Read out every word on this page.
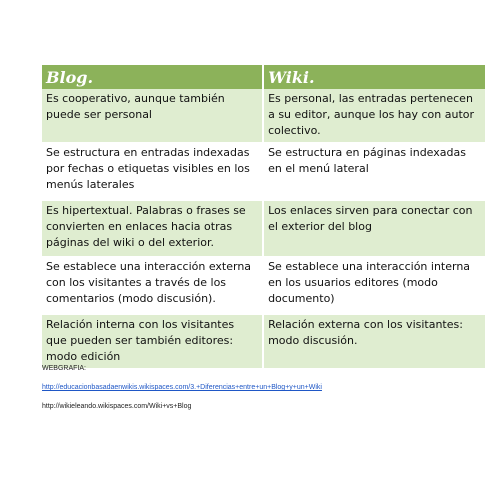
Blog.	Wiki.
Es cooperativo, aunque también puede ser personal	Es personal, las entradas pertenecen a su editor, aunque los hay con autor colectivo.
Se estructura en entradas indexadas por fechas o etiquetas visibles en los menús laterales	Se estructura en páginas indexadas en el menú lateral
Es hipertextual. Palabras o frases se convierten en enlaces hacia otras páginas del wiki o del exterior.	Los enlaces sirven para conectar con el exterior del blog
Se establece una interacción externa con los visitantes a través de los comentarios (modo discusión).	Se establece una interacción interna en los usuarios editores (modo documento)
Relación interna con los visitantes que pueden ser también editores: modo edición	Relación externa con los visitantes: modo discusión.

WEBGRAFIA:

http://educacionbasadaenwikis.wikispaces.com/3.+Diferencias+entre+un+Blog+y+un+Wiki

http://wikieleando.wikispaces.com/Wiki+vs+Blog
